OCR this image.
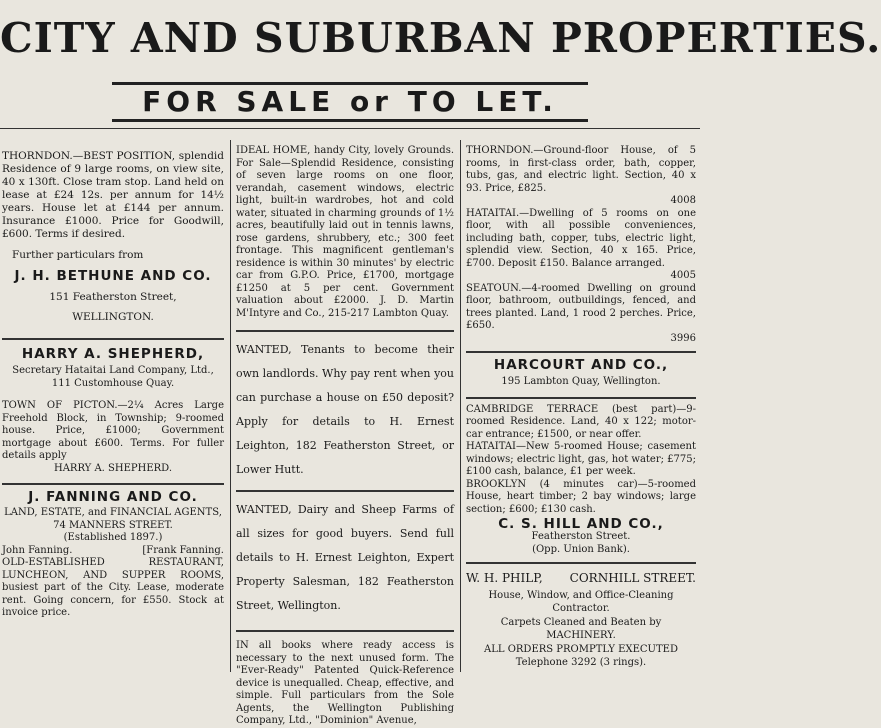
CITY AND SUBURBAN PROPERTIES.
FOR SALE or TO LET.

THORNDON.—BEST POSITION, splendid Residence of 9 large rooms, on view site, 40 x 130ft. Close tram stop. Land held on lease at £24 12s. per annum for 14½ years. House let at £144 per annum. Insurance £1000. Price for Goodwill, £600. Terms if desired.

Further particulars from

J. H. BETHUNE AND CO.

151 Featherston Street,

WELLINGTON.

HARRY A. SHEPHERD,

Secretary Hataitai Land Company, Ltd.,

111 Customhouse Quay.

TOWN OF PICTON.—2¼ Acres Large Freehold Block, in Township; 9-roomed house. Price, £1000; Government mortgage about £600. Terms. For fuller details apply

HARRY A. SHEPHERD.

J. FANNING AND CO.

LAND, ESTATE, and FINANCIAL AGENTS,

74 MANNERS STREET.

(Established 1897.)

John Fanning.	[Frank Fanning.

OLD-ESTABLISHED RESTAURANT, LUNCHEON, AND SUPPER ROOMS, busiest part of the City. Lease, moderate rent. Going concern, for £550. Stock at invoice price.

IDEAL HOME, handy City, lovely Grounds. For Sale—Splendid Residence, consisting of seven large rooms on one floor, verandah, casement windows, electric light, built-in wardrobes, hot and cold water, situated in charming grounds of 1½ acres, beautifully laid out in tennis lawns, rose gardens, shrubbery, etc.; 300 feet frontage. This magnificent gentleman's residence is within 30 minutes' by electric car from G.P.O. Price, £1700, mortgage £1250 at 5 per cent. Government valuation about £2000. J. D. Martin M'Intyre and Co., 215-217 Lambton Quay.

WANTED, Tenants to become their own landlords. Why pay rent when you can purchase a house on £50 deposit? Apply for details to H. Ernest Leighton, 182 Featherston Street, or Lower Hutt.

WANTED, Dairy and Sheep Farms of all sizes for good buyers. Send full details to H. Ernest Leighton, Expert Property Salesman, 182 Featherston Street, Wellington.

IN all books where ready access is necessary to the next unused form. The "Ever-Ready" Patented Quick-Reference device is unequalled. Cheap, effective, and simple. Full particulars from the Sole Agents, the Wellington Publishing Company, Ltd., "Dominion" Avenue,

THORNDON.—Ground-floor House, of 5 rooms, in first-class order, bath, copper, tubs, gas, and electric light. Section, 40 x 93. Price, £825.

4008

HATAITAI.—Dwelling of 5 rooms on one floor, with all possible conveniences, including bath, copper, tubs, electric light, splendid view. Section, 40 x 165. Price, £700. Deposit £150. Balance arranged.

4005

SEATOUN.—4-roomed Dwelling on ground floor, bathroom, outbuildings, fenced, and trees planted. Land, 1 rood 2 perches. Price, £650.

3996

HARCOURT AND CO.,

195 Lambton Quay, Wellington.

CAMBRIDGE TERRACE (best part)—9-roomed Residence. Land, 40 x 122; motor-car entrance; £1500, or near offer.

HATAITAI—New 5-roomed House; casement windows; electric light, gas, hot water; £775; £100 cash, balance, £1 per week.

BROOKLYN (4 minutes car)—5-roomed House, heart timber; 2 bay windows; large section; £600; £130 cash.

C. S. HILL AND CO.,

Featherston Street.

(Opp. Union Bank).

W. H. PHILP, CORNHILL STREET.

House, Window, and Office-Cleaning Contractor.

Carpets Cleaned and Beaten by MACHINERY.

ALL ORDERS PROMPTLY EXECUTED

Telephone 3292 (3 rings).
